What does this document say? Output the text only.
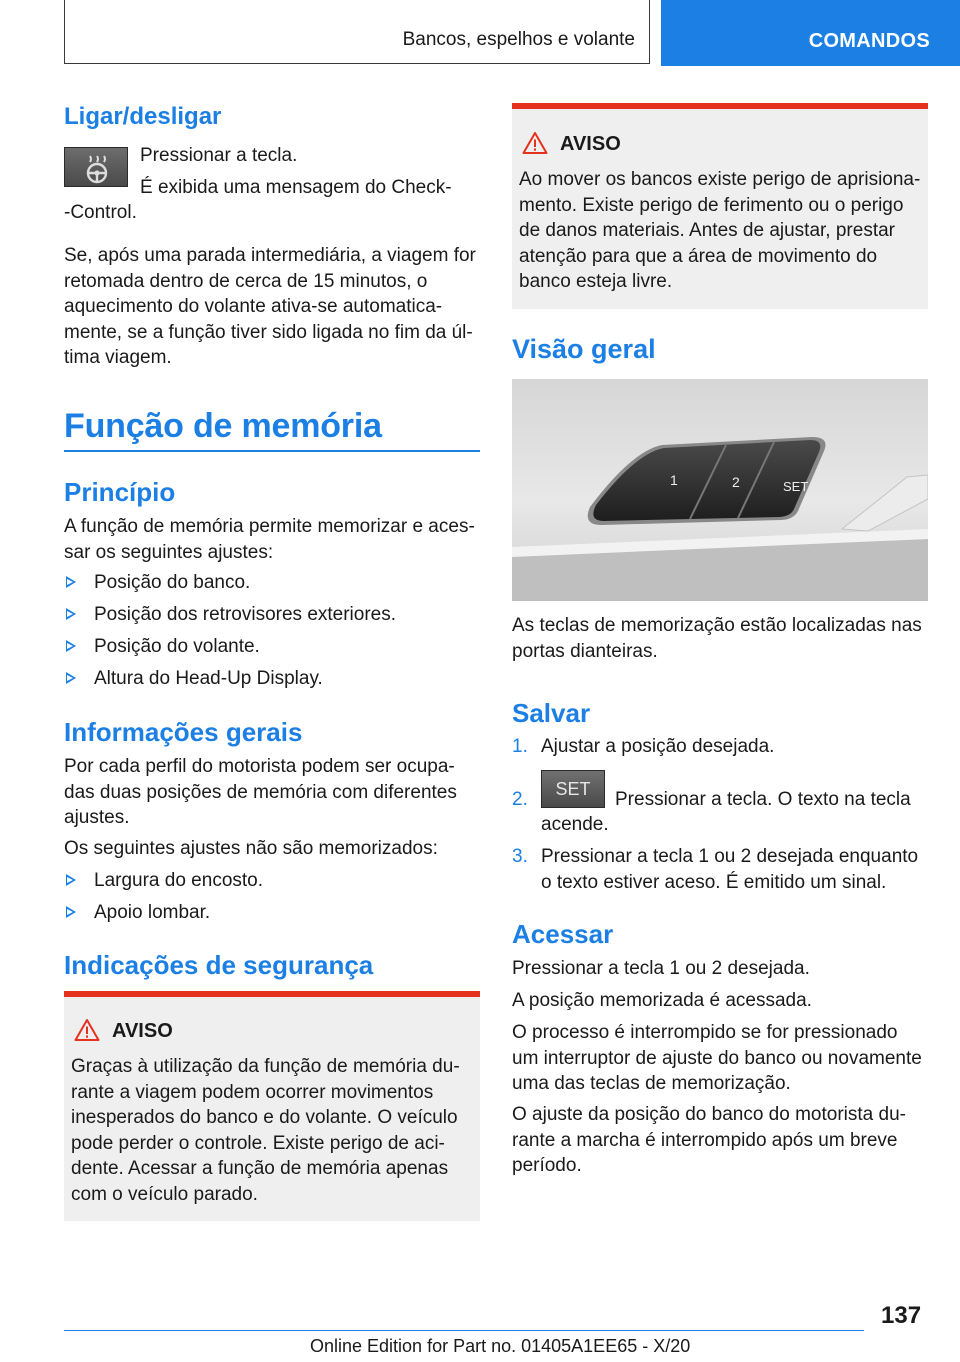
Bancos, espelhos e volante	COMANDOS
Ligar/desligar
Pressionar a tecla.
É exibida uma mensagem do Check-
-Control.
Se, após uma parada intermediária, a viagem for retomada dentro de cerca de 15 minutos, o aquecimento do volante ativa-se automatica-mente, se a função tiver sido ligada no fim da úl-tima viagem.
Função de memória
Princípio
A função de memória permite memorizar e aces-sar os seguintes ajustes:
Posição do banco.
Posição dos retrovisores exteriores.
Posição do volante.
Altura do Head-Up Display.
Informações gerais
Por cada perfil do motorista podem ser ocupa-das duas posições de memória com diferentes ajustes.
Os seguintes ajustes não são memorizados:
Largura do encosto.
Apoio lombar.
Indicações de segurança
AVISO
Graças à utilização da função de memória du-rante a viagem podem ocorrer movimentos inesperados do banco e do volante. O veículo pode perder o controle. Existe perigo de aci-dente. Acessar a função de memória apenas com o veículo parado.
AVISO
Ao mover os bancos existe perigo de aprisiona-mento. Existe perigo de ferimento ou o perigo de danos materiais. Antes de ajustar, prestar atenção para que a área de movimento do banco esteja livre.
Visão geral
1	2	SET
As teclas de memorização estão localizadas nas portas dianteiras.
Salvar
1. Ajustar a posição desejada.
2.	SET	Pressionar a tecla. O texto na tecla
acende.
3. Pressionar a tecla 1 ou 2 desejada enquanto o texto estiver aceso. É emitido um sinal.
Acessar
Pressionar a tecla 1 ou 2 desejada.
A posição memorizada é acessada.
O processo é interrompido se for pressionado um interruptor de ajuste do banco ou novamente uma das teclas de memorização.
O ajuste da posição do banco do motorista du-rante a marcha é interrompido após um breve período.
137
Online Edition for Part no. 01405A1EE65 - X/20
